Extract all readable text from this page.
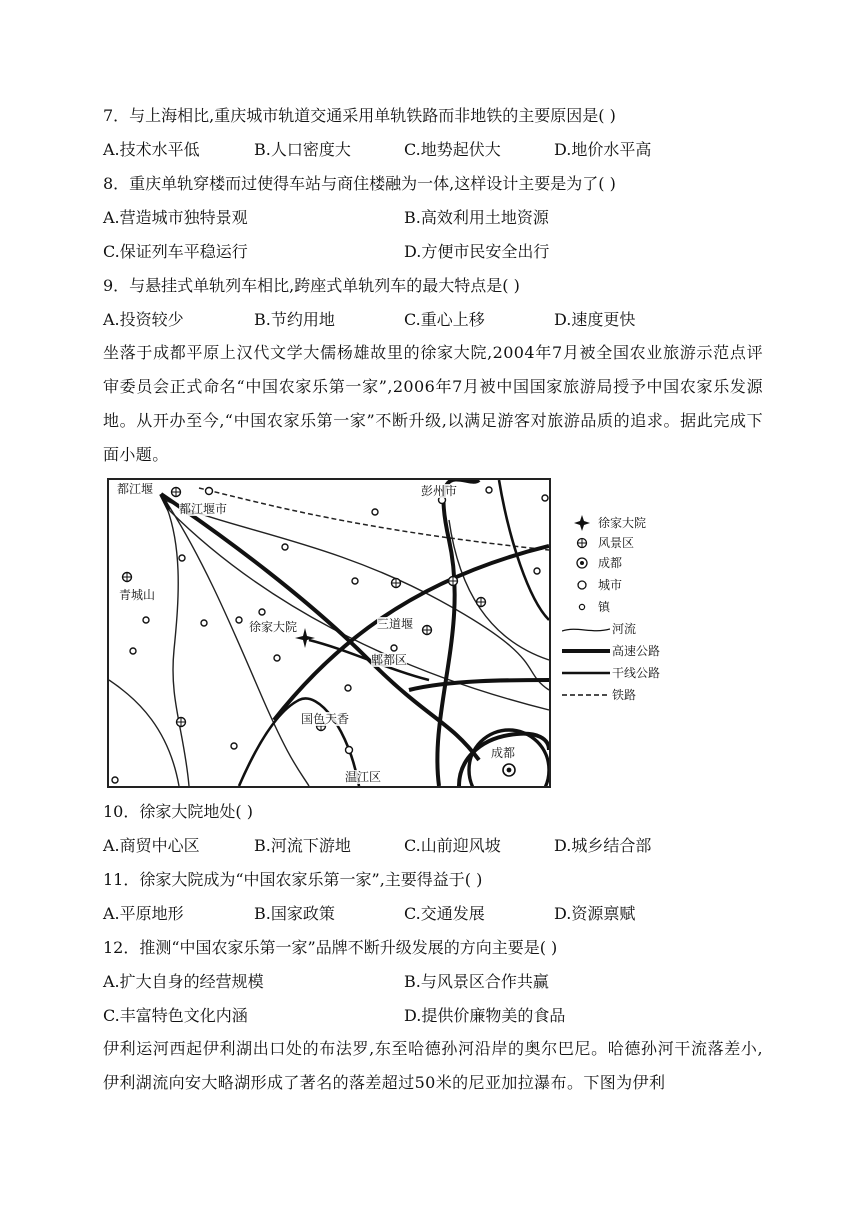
7．与上海相比,重庆城市轨道交通采用单轨铁路而非地铁的主要原因是( )
A.技术水平低	B.人口密度大	C.地势起伏大	D.地价水平高
8．重庆单轨穿楼而过使得车站与商住楼融为一体,这样设计主要是为了( )
A.营造城市独特景观	B.高效利用土地资源
C.保证列车平稳运行	D.方便市民安全出行
9．与悬挂式单轨列车相比,跨座式单轨列车的最大特点是( )
A.投资较少	B.节约用地	C.重心上移	D.速度更快
坐落于成都平原上汉代文学大儒杨雄故里的徐家大院,2004年7月被全国农业旅游示范点评审委员会正式命名“中国农家乐第一家”,2006年7月被中国国家旅游局授予中国农家乐发源地。从开办至今,“中国农家乐第一家”不断升级,以满足游客对旅游品质的追求。据此完成下面小题。
都江堰
都江堰市
彭州市
青城山
徐家大院	三道堰
郫都区
国色天香
温江区
成都
徐家大院
风景区
成都
城市
镇
河流
高速公路
干线公路
铁路
10．徐家大院地处( )
A.商贸中心区	B.河流下游地	C.山前迎风坡	D.城乡结合部
11．徐家大院成为“中国农家乐第一家”,主要得益于( )
A.平原地形	B.国家政策	C.交通发展	D.资源禀赋
12．推测“中国农家乐第一家”品牌不断升级发展的方向主要是( )
A.扩大自身的经营规模	B.与风景区合作共赢
C.丰富特色文化内涵	D.提供价廉物美的食品
伊利运河西起伊利湖出口处的布法罗,东至哈德孙河沿岸的奥尔巴尼。哈德孙河干流落差小,伊利湖流向安大略湖形成了著名的落差超过50米的尼亚加拉瀑布。下图为伊利
